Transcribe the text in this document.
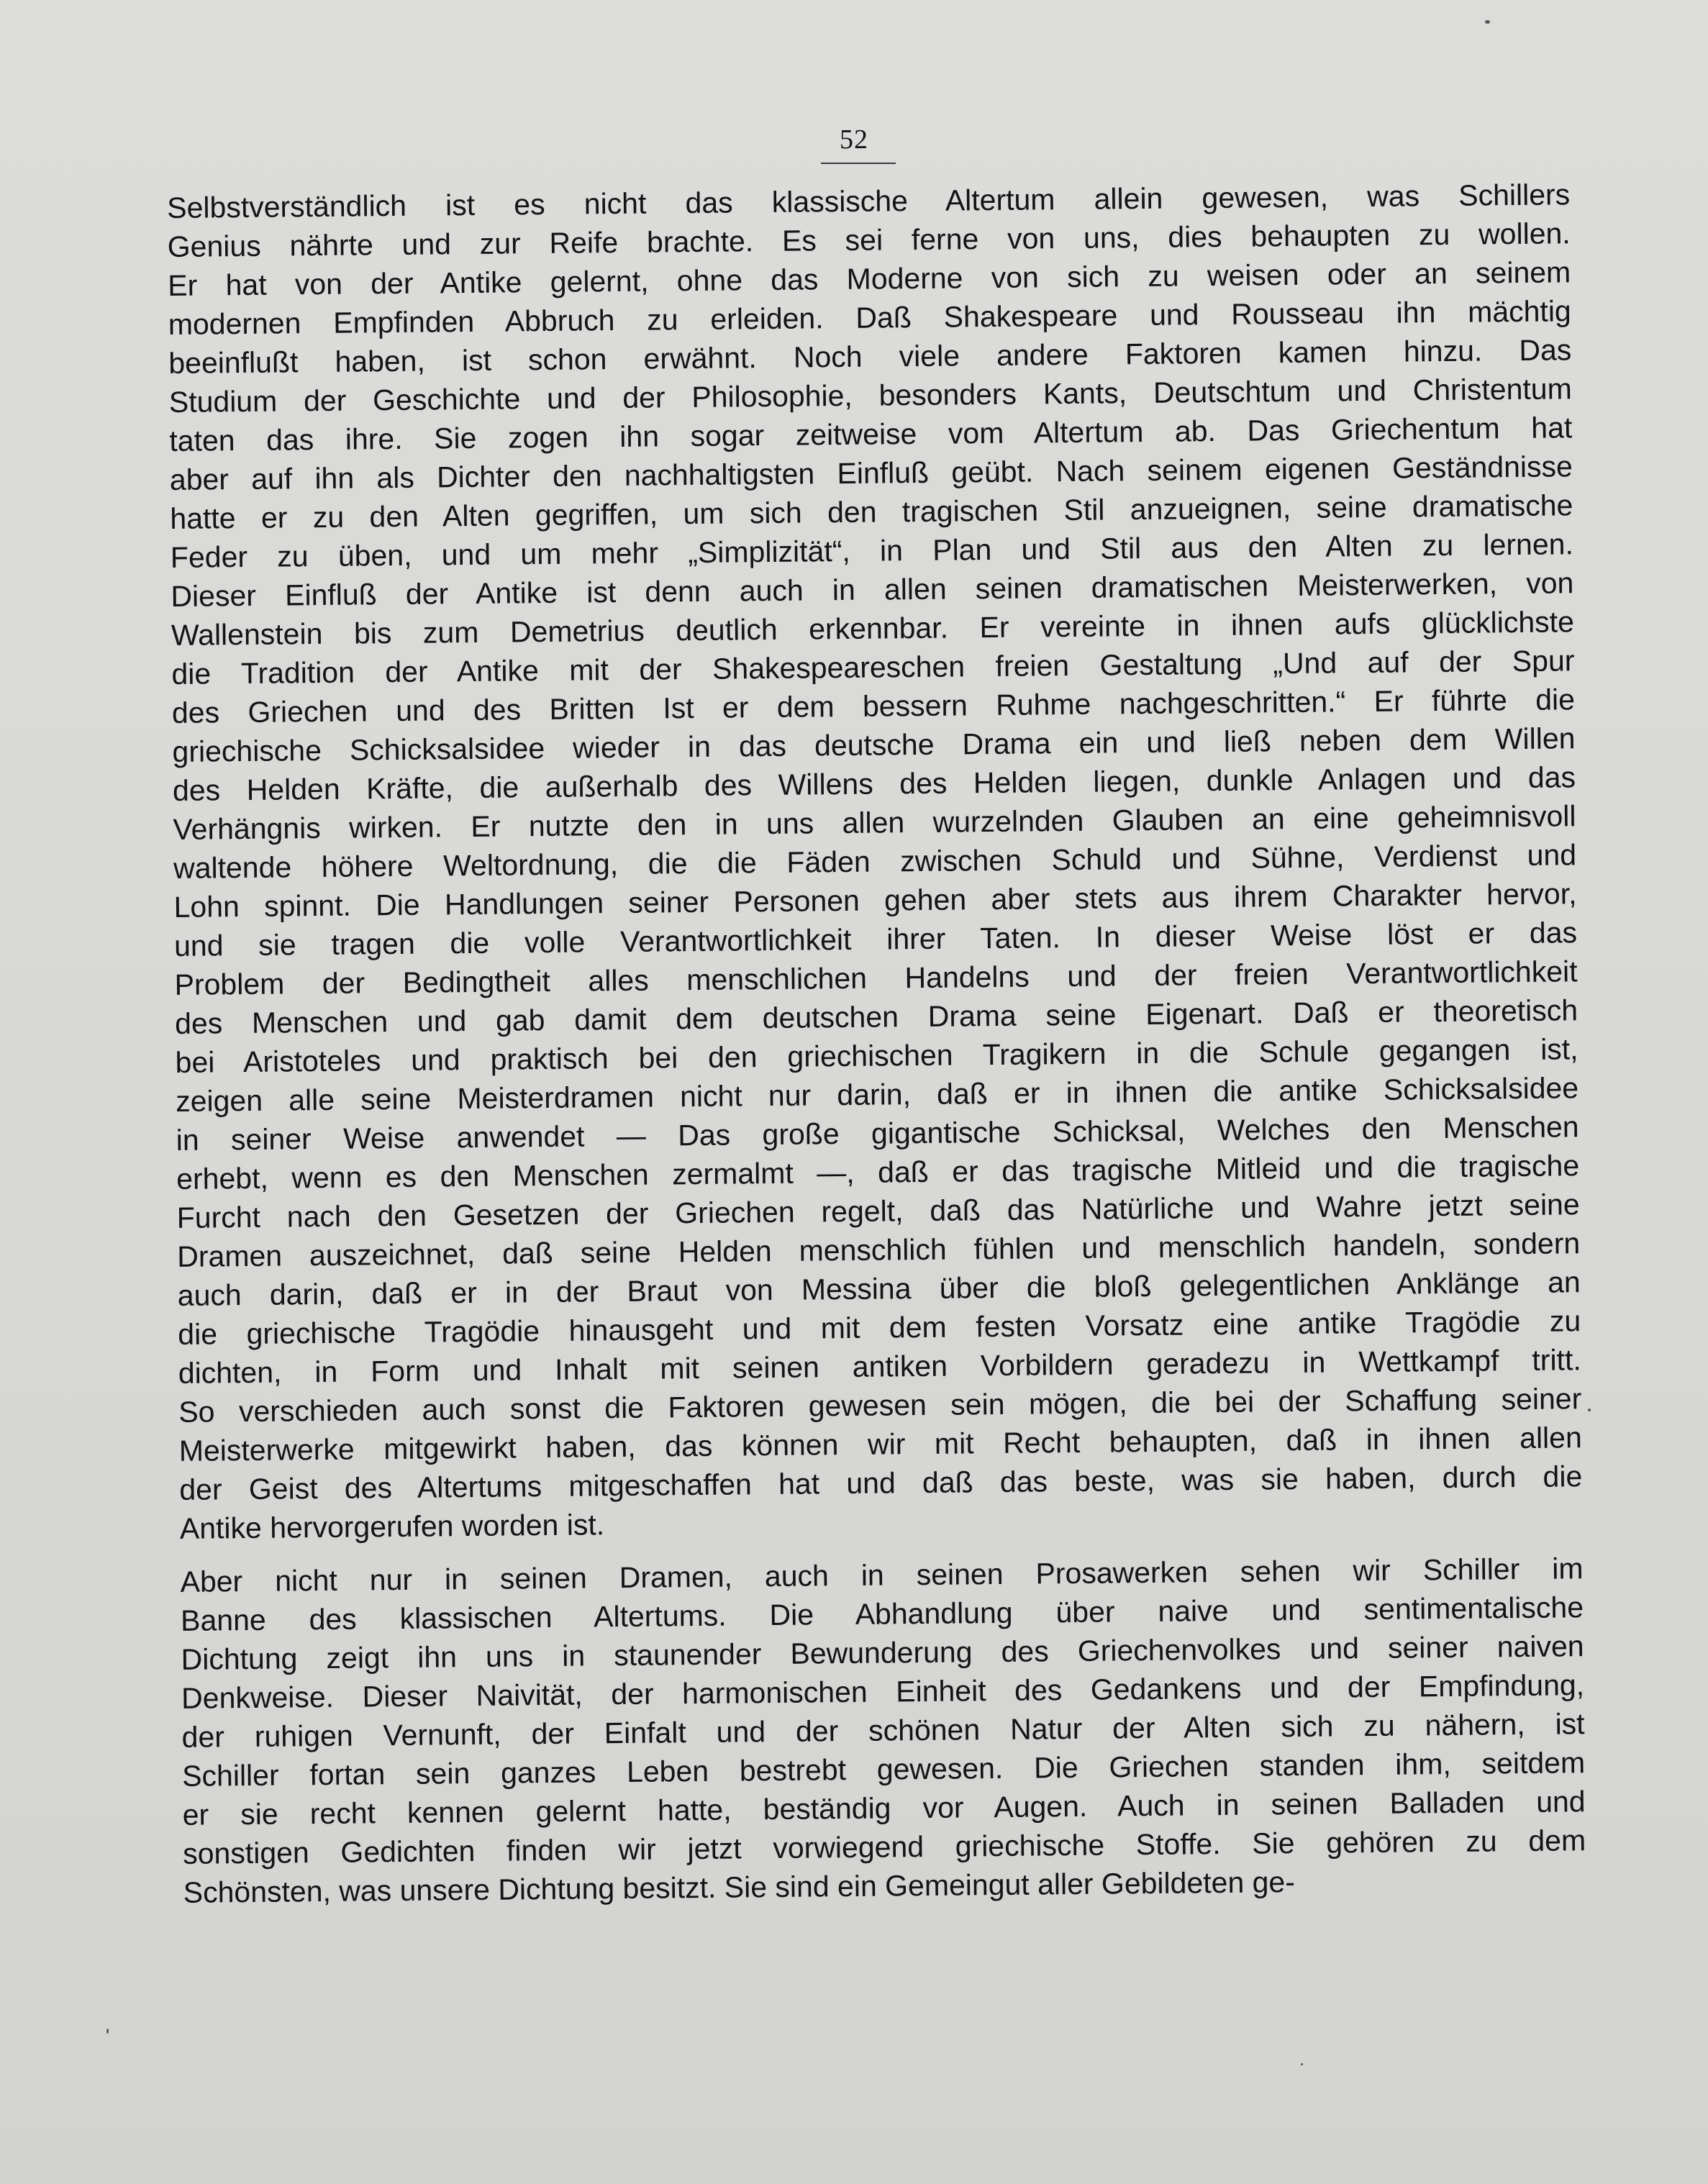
52
Selbstverständlich ist es nicht das klassische Altertum allein gewesen, was Schillers
Genius nährte und zur Reife brachte. Es sei ferne von uns, dies behaupten zu wollen.
Er hat von der Antike gelernt, ohne das Moderne von sich zu weisen oder an seinem
modernen Empfinden Abbruch zu erleiden. Daß Shakespeare und Rousseau ihn mächtig
beeinflußt haben, ist schon erwähnt. Noch viele andere Faktoren kamen hinzu. Das
Studium der Geschichte und der Philosophie, besonders Kants, Deutschtum und Christentum
taten das ihre. Sie zogen ihn sogar zeitweise vom Altertum ab. Das Griechentum hat
aber auf ihn als Dichter den nachhaltigsten Einfluß geübt. Nach seinem eigenen Geständnisse
hatte er zu den Alten gegriffen, um sich den tragischen Stil anzueignen, seine dramatische
Feder zu üben, und um mehr „Simplizität“, in Plan und Stil aus den Alten zu lernen.
Dieser Einfluß der Antike ist denn auch in allen seinen dramatischen Meisterwerken, von
Wallenstein bis zum Demetrius deutlich erkennbar. Er vereinte in ihnen aufs glücklichste
die Tradition der Antike mit der Shakespeareschen freien Gestaltung „Und auf der Spur
des Griechen und des Britten Ist er dem bessern Ruhme nachgeschritten.“ Er führte die
griechische Schicksalsidee wieder in das deutsche Drama ein und ließ neben dem Willen
des Helden Kräfte, die außerhalb des Willens des Helden liegen, dunkle Anlagen und das
Verhängnis wirken. Er nutzte den in uns allen wurzelnden Glauben an eine geheimnisvoll
waltende höhere Weltordnung, die die Fäden zwischen Schuld und Sühne, Verdienst und
Lohn spinnt. Die Handlungen seiner Personen gehen aber stets aus ihrem Charakter hervor,
und sie tragen die volle Verantwortlichkeit ihrer Taten. In dieser Weise löst er das
Problem der Bedingtheit alles menschlichen Handelns und der freien Verantwortlichkeit
des Menschen und gab damit dem deutschen Drama seine Eigenart. Daß er theoretisch
bei Aristoteles und praktisch bei den griechischen Tragikern in die Schule gegangen ist,
zeigen alle seine Meisterdramen nicht nur darin, daß er in ihnen die antike Schicksalsidee
in seiner Weise anwendet — Das große gigantische Schicksal, Welches den Menschen
erhebt, wenn es den Menschen zermalmt —, daß er das tragische Mitleid und die tragische
Furcht nach den Gesetzen der Griechen regelt, daß das Natürliche und Wahre jetzt seine
Dramen auszeichnet, daß seine Helden menschlich fühlen und menschlich handeln, sondern
auch darin, daß er in der Braut von Messina über die bloß gelegentlichen Anklänge an
die griechische Tragödie hinausgeht und mit dem festen Vorsatz eine antike Tragödie zu
dichten, in Form und Inhalt mit seinen antiken Vorbildern geradezu in Wettkampf tritt.
So verschieden auch sonst die Faktoren gewesen sein mögen, die bei der Schaffung seiner
Meisterwerke mitgewirkt haben, das können wir mit Recht behaupten, daß in ihnen allen
der Geist des Altertums mitgeschaffen hat und daß das beste, was sie haben, durch die
Antike hervorgerufen worden ist.
Aber nicht nur in seinen Dramen, auch in seinen Prosawerken sehen wir Schiller im
Banne des klassischen Altertums. Die Abhandlung über naive und sentimentalische
Dichtung zeigt ihn uns in staunender Bewunderung des Griechenvolkes und seiner naiven
Denkweise. Dieser Naivität, der harmonischen Einheit des Gedankens und der Empfindung,
der ruhigen Vernunft, der Einfalt und der schönen Natur der Alten sich zu nähern, ist
Schiller fortan sein ganzes Leben bestrebt gewesen. Die Griechen standen ihm, seitdem
er sie recht kennen gelernt hatte, beständig vor Augen. Auch in seinen Balladen und
sonstigen Gedichten finden wir jetzt vorwiegend griechische Stoffe. Sie gehören zu dem
Schönsten, was unsere Dichtung besitzt. Sie sind ein Gemeingut aller Gebildeten ge-
